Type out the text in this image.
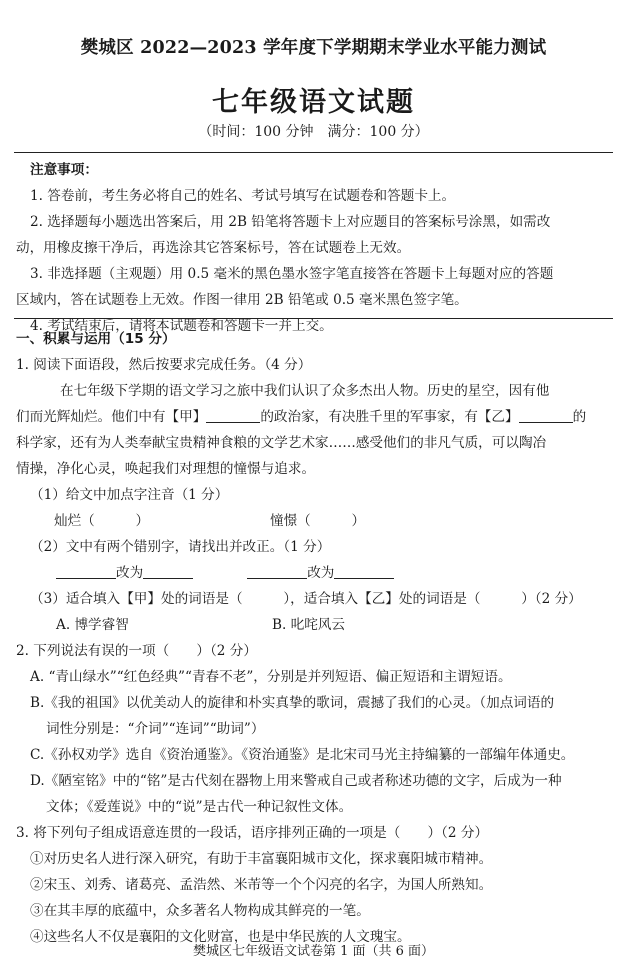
樊城区 2022—2023 学年度下学期期末学业水平能力测试
七年级语文试题
（时间：100 分钟　满分：100 分）

注意事项：

1. 答卷前，考生务必将自己的姓名、考试号填写在试题卷和答题卡上。

2. 选择题每小题选出答案后，用 2B 铅笔将答题卡上对应题目的答案标号涂黑，如需改

动，用橡皮擦干净后，再选涂其它答案标号，答在试题卷上无效。

3. 非选择题（主观题）用 0.5 毫米的黑色墨水签字笔直接答在答题卡上每题对应的答题

区域内，答在试题卷上无效。作图一律用 2B 铅笔或 0.5 毫米黑色签字笔。

4. 考试结束后，请将本试题卷和答题卡一并上交。

一、积累与运用（15 分）

1. 阅读下面语段，然后按要求完成任务。（4 分）

在七年级下学期的语文学习之旅中我们认识了众多杰出人物。历史的星空，因有他

们而光辉灿烂。他们中有【甲】	的政治家，有决胜千里的军事家，有【乙】	的

科学家，还有为人类奉献宝贵精神食粮的文学艺术家……感受他们的非凡气质，可以陶冶

情操，净化心灵，唤起我们对理想的憧憬与追求。

（1）给文中加点字注音（1 分）

灿烂（　　　）	憧憬（　　　）

（2）文中有两个错别字，请找出并改正。（1 分）

改为	改为

（3）适合填入【甲】处的词语是（　　　），适合填入【乙】处的词语是（　　　）（2 分）

A. 博学睿智	B. 叱咤风云

2. 下列说法有误的一项（　　）（2 分）

A. “青山绿水”“红色经典”“青春不老”，分别是并列短语、偏正短语和主谓短语。

B.《我的祖国》以优美动人的旋律和朴实真挚的歌词，震撼了我们的心灵。（加点词语的

词性分别是：“介词”“连词”“助词”）

C.《孙权劝学》选自《资治通鉴》。《资治通鉴》是北宋司马光主持编纂的一部编年体通史。

D.《陋室铭》中的“铭”是古代刻在器物上用来警戒自己或者称述功德的文字，后成为一种

文体；《爱莲说》中的“说”是古代一种记叙性文体。

3. 将下列句子组成语意连贯的一段话，语序排列正确的一项是（　　）（2 分）

①对历史名人进行深入研究，有助于丰富襄阳城市文化，探求襄阳城市精神。

②宋玉、刘秀、诸葛亮、孟浩然、米芾等一个个闪亮的名字，为国人所熟知。

③在其丰厚的底蕴中，众多著名人物构成其鲜亮的一笔。

④这些名人不仅是襄阳的文化财富，也是中华民族的人文瑰宝。

樊城区七年级语文试卷第 1 面（共 6 面）
